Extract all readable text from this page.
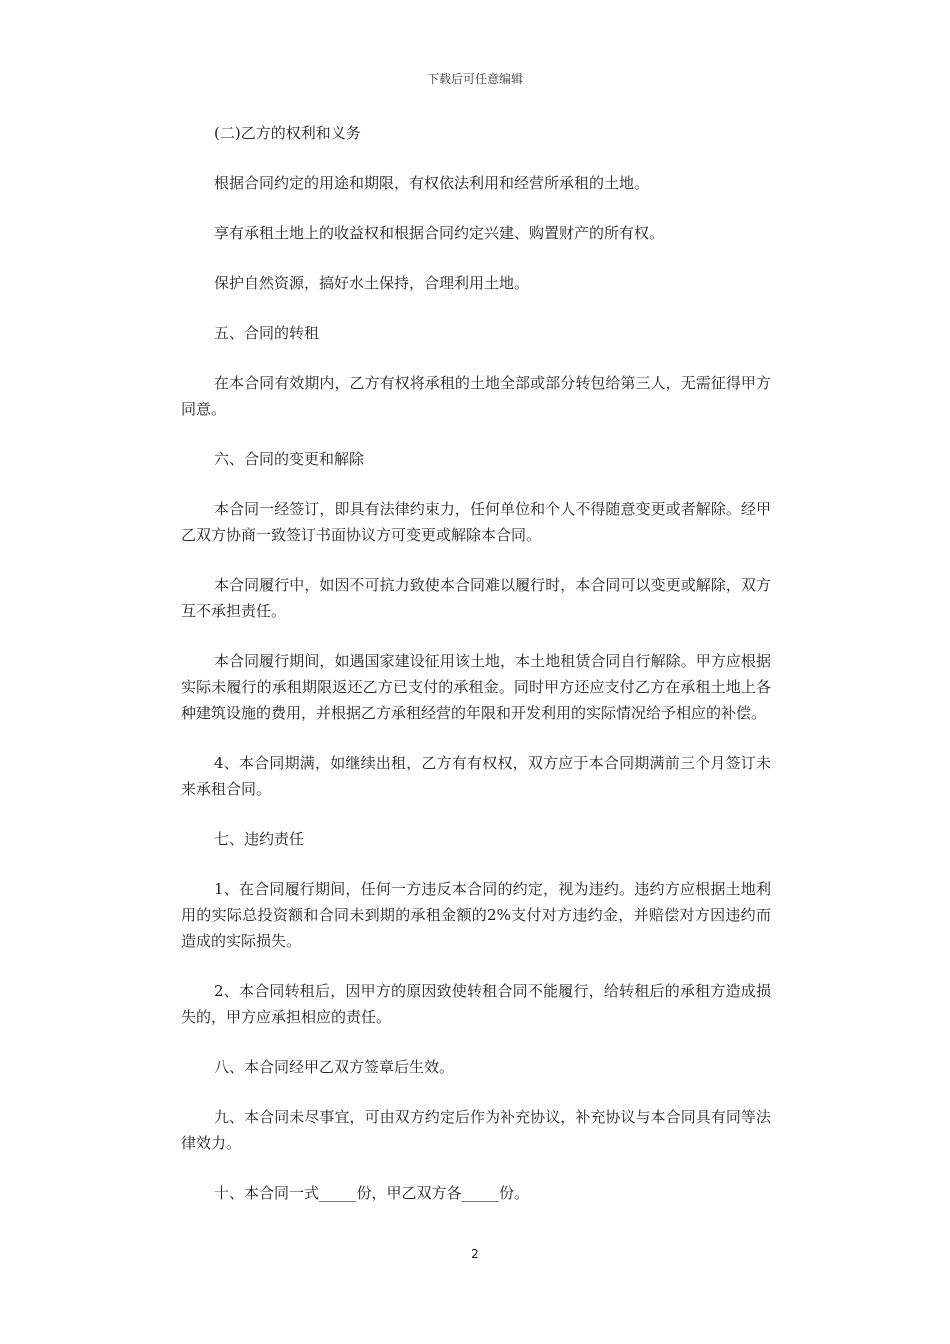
下载后可任意编辑

(二)乙方的权利和义务

根据合同约定的用途和期限，有权依法利用和经营所承租的土地。

享有承租土地上的收益权和根据合同约定兴建、购置财产的所有权。

保护自然资源，搞好水土保持，合理利用土地。

五、合同的转租

在本合同有效期内，乙方有权将承租的土地全部或部分转包给第三人，无需征得甲方同意。

六、合同的变更和解除

本合同一经签订，即具有法律约束力，任何单位和个人不得随意变更或者解除。经甲乙双方协商一致签订书面协议方可变更或解除本合同。

本合同履行中，如因不可抗力致使本合同难以履行时，本合同可以变更或解除，双方互不承担责任。

本合同履行期间，如遇国家建设征用该土地，本土地租赁合同自行解除。甲方应根据实际未履行的承租期限返还乙方已支付的承租金。同时甲方还应支付乙方在承租土地上各种建筑设施的费用，并根据乙方承租经营的年限和开发利用的实际情况给予相应的补偿。

4、本合同期满，如继续出租，乙方有有权权，双方应于本合同期满前三个月签订未来承租合同。

七、违约责任

1、在合同履行期间，任何一方违反本合同的约定，视为违约。违约方应根据土地利用的实际总投资额和合同未到期的承租金额的2%支付对方违约金，并赔偿对方因违约而造成的实际损失。

2、本合同转租后，因甲方的原因致使转租合同不能履行，给转租后的承租方造成损失的，甲方应承担相应的责任。

八、本合同经甲乙双方签章后生效。

九、本合同未尽事宜，可由双方约定后作为补充协议，补充协议与本合同具有同等法律效力。

十、本合同一式_____份，甲乙双方各_____份。

2
